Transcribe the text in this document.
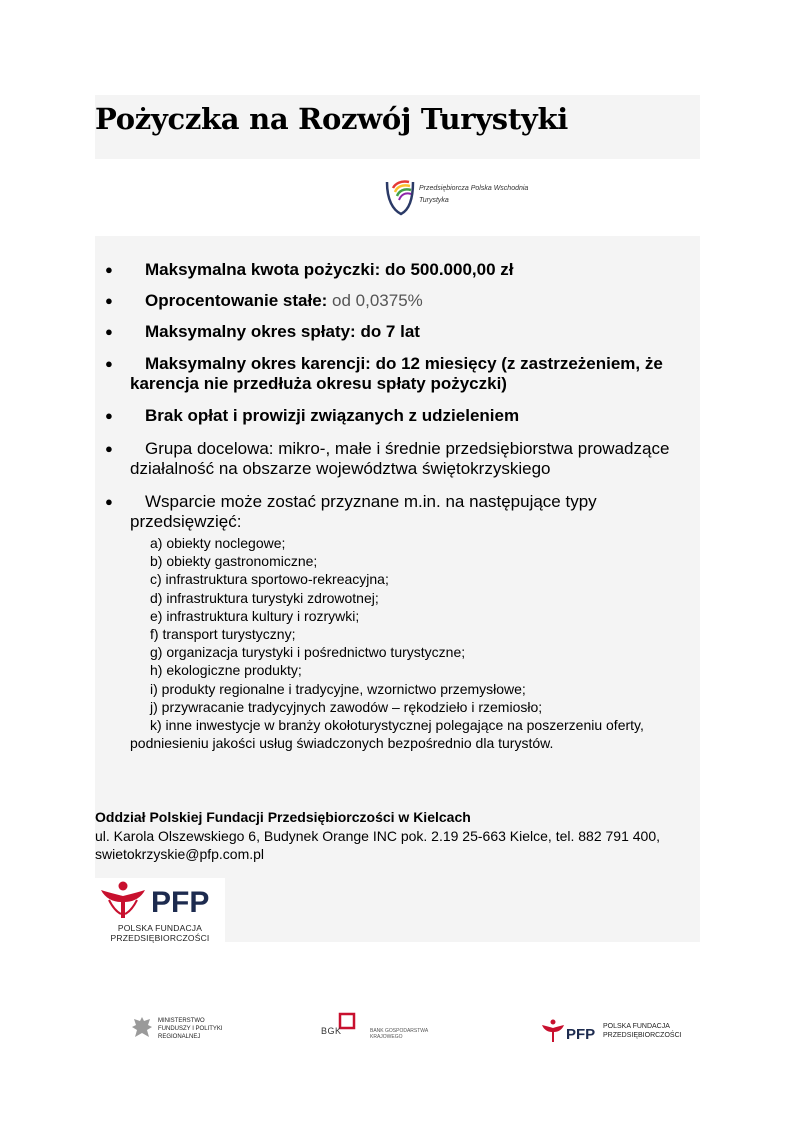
Pożyczka na Rozwój Turystyki
Przedsiębiorcza Polska Wschodnia
Turystyka
●	Maksymalna kwota pożyczki: do 500.000,00 zł
●	Oprocentowanie stałe: od 0,0375%
●	Maksymalny okres spłaty: do 7 lat
●	Maksymalny okres karencji: do 12 miesięcy (z zastrzeżeniem, że karencja nie przedłuża okresu spłaty pożyczki)
●	Brak opłat i prowizji związanych z udzieleniem
●	Grupa docelowa: mikro-, małe i średnie przedsiębiorstwa prowadzące działalność na obszarze województwa świętokrzyskiego
●	Wsparcie może zostać przyznane m.in. na następujące typy przedsięwzięć:
a) obiekty noclegowe;
b) obiekty gastronomiczne;
c) infrastruktura sportowo-rekreacyjna;
d) infrastruktura turystyki zdrowotnej;
e) infrastruktura kultury i rozrywki;
f) transport turystyczny;
g) organizacja turystyki i pośrednictwo turystyczne;
h) ekologiczne produkty;
i) produkty regionalne i tradycyjne, wzornictwo przemysłowe;
j) przywracanie tradycyjnych zawodów – rękodzieło i rzemiosło;
k) inne inwestycje w branży okołoturystycznej polegające na poszerzeniu oferty, podniesieniu jakości usług świadczonych bezpośrednio dla turystów.
Oddział Polskiej Fundacji Przedsiębiorczości w Kielcach
ul. Karola Olszewskiego 6, Budynek Orange INC pok. 2.19 25-663 Kielce, tel. 882 791 400, swietokrzyskie@pfp.com.pl
PFP
POLSKA FUNDACJA
PRZEDSIĘBIORCZOŚCI
MINISTERSTWO
FUNDUSZY I POLITYKI
REGIONALNEJ
BGK	BANK GOSPODARSTWA
KRAJOWEGO	PFP POLSKA FUNDACJA
PRZEDSIĘBIORCZOŚCI
